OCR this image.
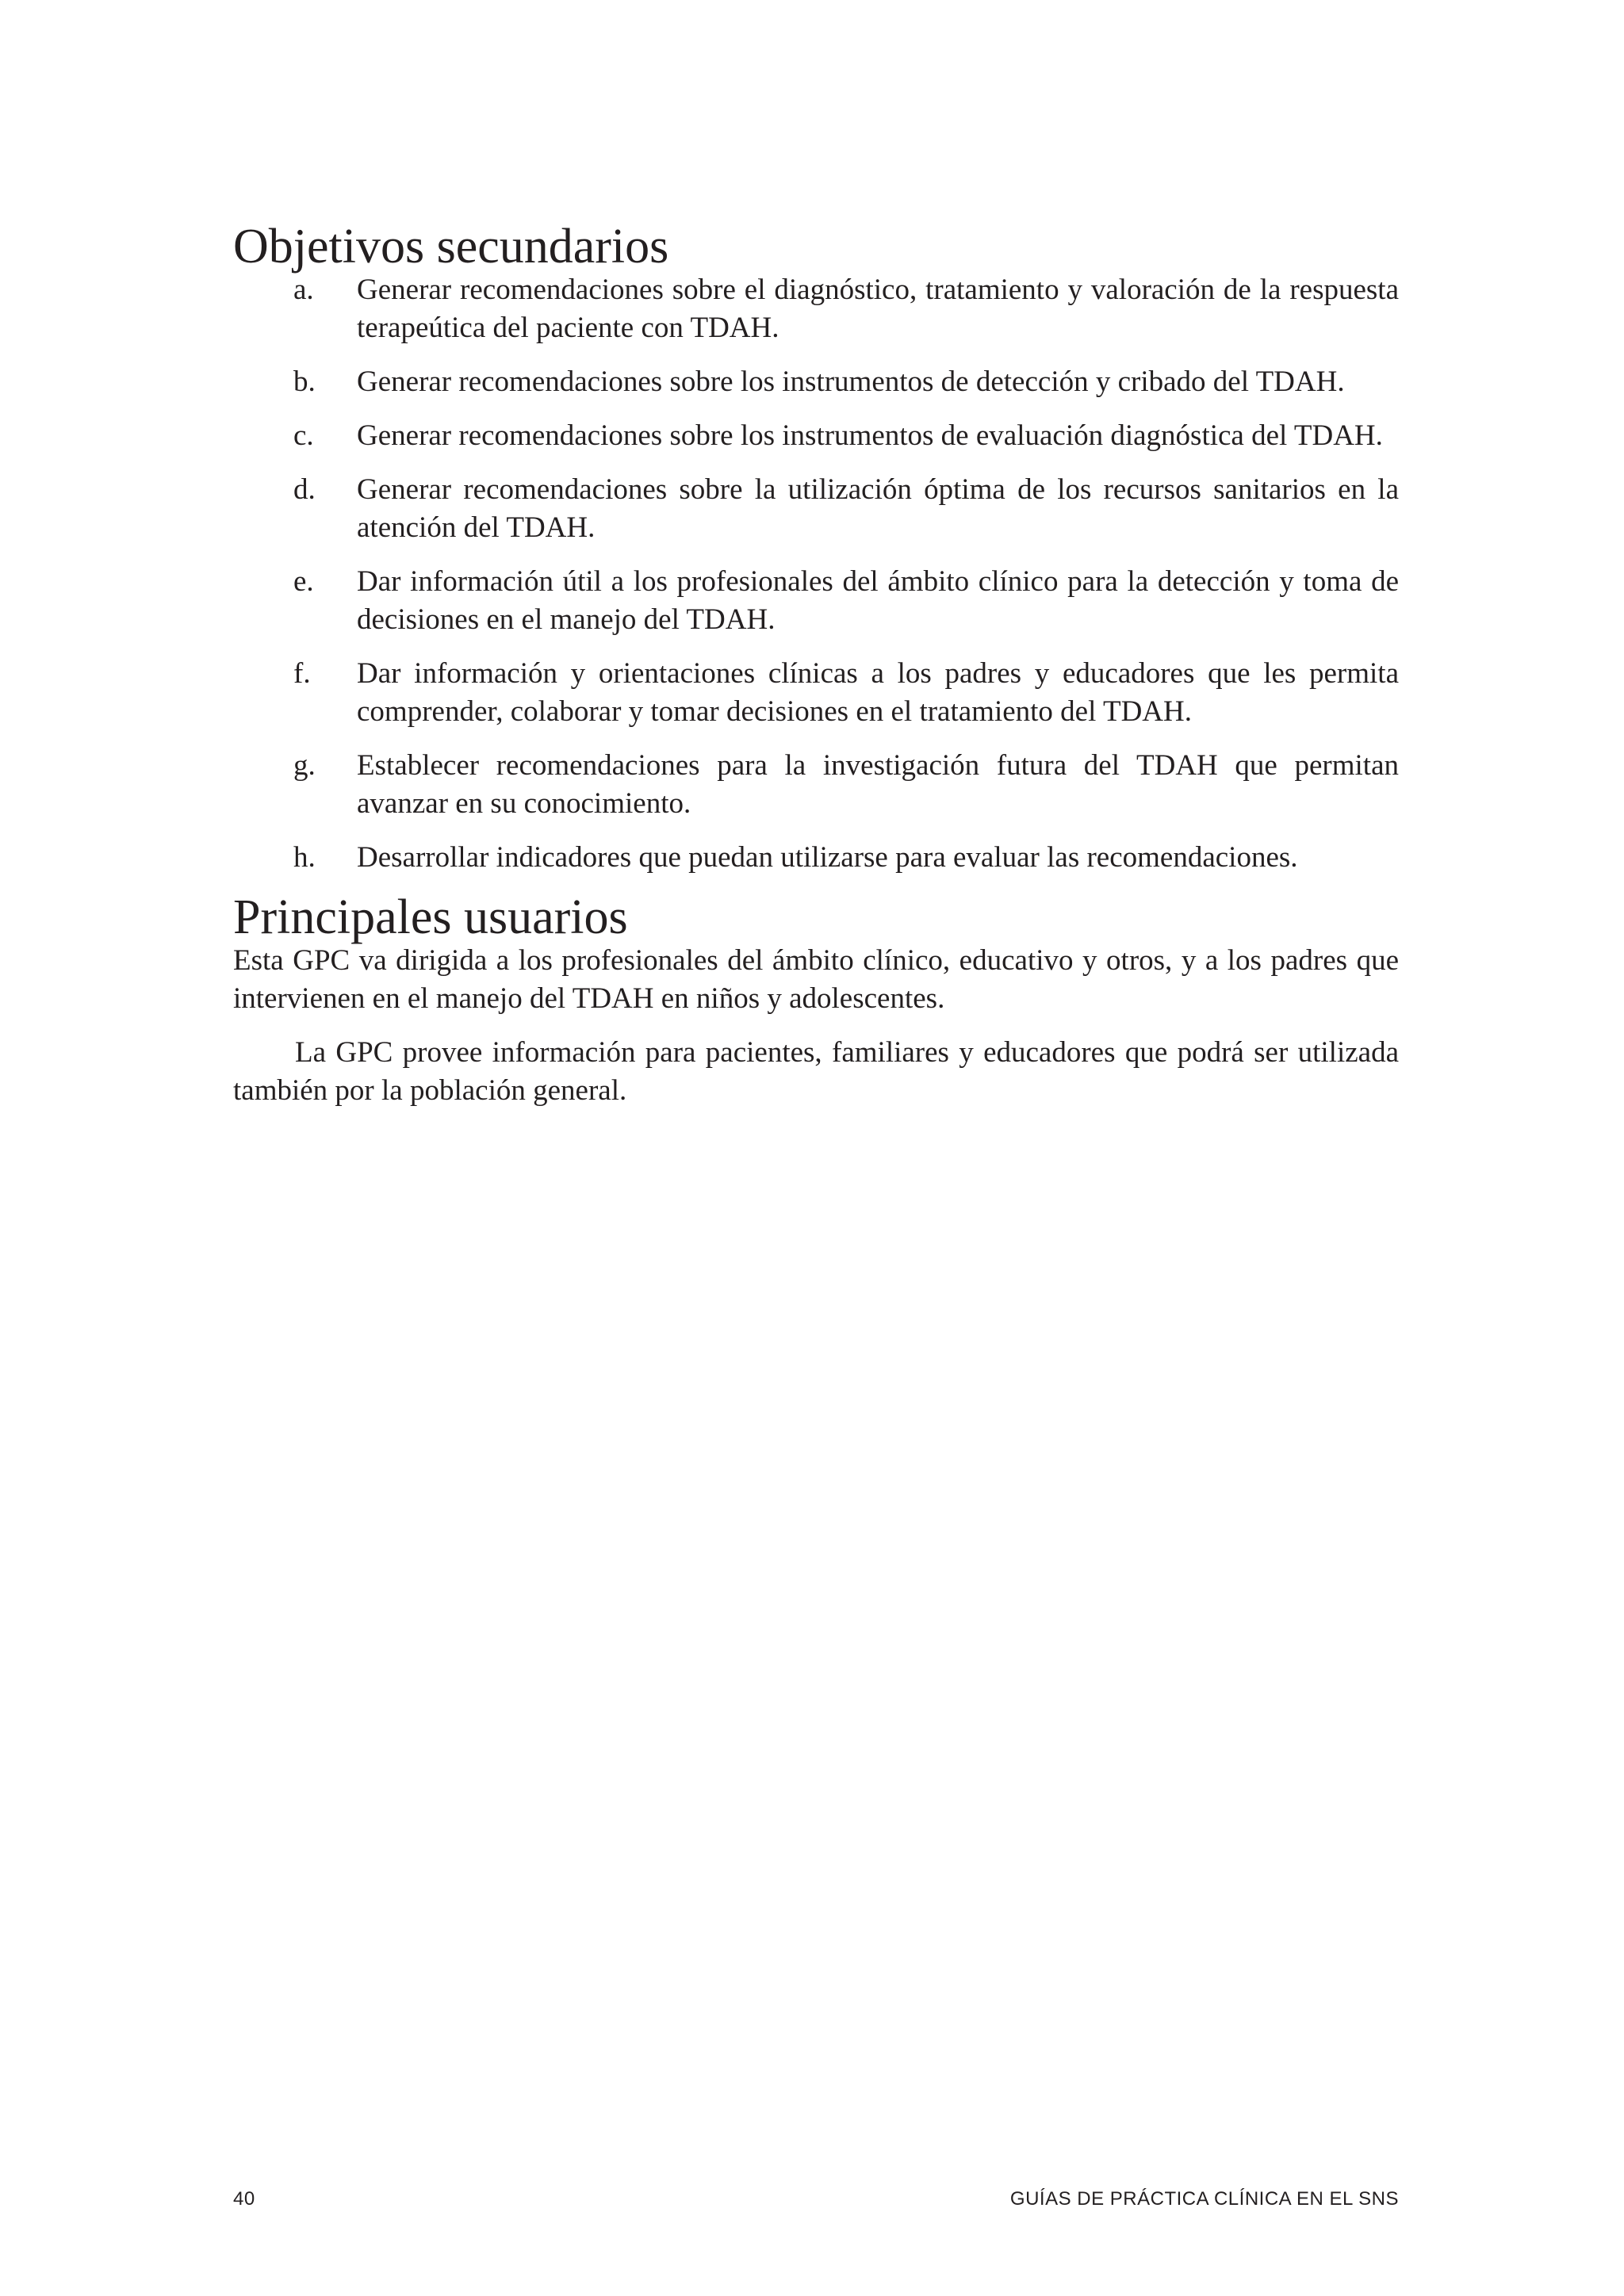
Objetivos secundarios
a.	Generar recomendaciones sobre el diagnóstico, tratamiento y valoración de la respuesta terapeútica del paciente con TDAH.
b.	Generar recomendaciones sobre los instrumentos de detección y cribado del TDAH.
c.	Generar recomendaciones sobre los instrumentos de evaluación diagnóstica del TDAH.
d.	Generar recomendaciones sobre la utilización óptima de los recursos sanitarios en la atención del TDAH.
e.	Dar información útil a los profesionales del ámbito clínico para la detección y toma de decisiones en el manejo del TDAH.
f.	Dar información y orientaciones clínicas a los padres y educadores que les permita comprender, colaborar y tomar decisiones en el tratamiento del TDAH.
g.	Establecer recomendaciones para la investigación futura del TDAH que permitan avanzar en su conocimiento.
h.	Desarrollar indicadores que puedan utilizarse para evaluar las recomendaciones.
Principales usuarios

Esta GPC va dirigida a los profesionales del ámbito clínico, educativo y otros, y a los padres que intervienen en el manejo del TDAH en niños y adolescentes.

La GPC provee información para pacientes, familiares y educadores que podrá ser utilizada también por la población general.

40	GUÍAS DE PRÁCTICA CLÍNICA EN EL SNS
